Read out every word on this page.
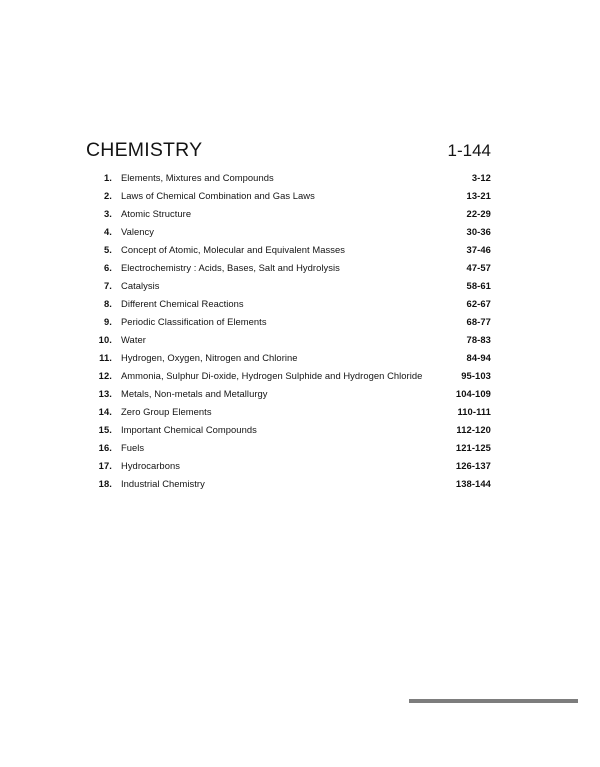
CHEMISTRY	1-144
1. Elements, Mixtures and Compounds	3-12
2. Laws of Chemical Combination and Gas Laws	13-21
3. Atomic Structure	22-29
4. Valency	30-36
5. Concept of Atomic, Molecular and Equivalent Masses	37-46
6. Electrochemistry : Acids, Bases, Salt and Hydrolysis	47-57
7. Catalysis	58-61
8. Different Chemical Reactions	62-67
9. Periodic Classification of Elements	68-77
10. Water	78-83
11. Hydrogen, Oxygen, Nitrogen and Chlorine	84-94
12. Ammonia, Sulphur Di-oxide, Hydrogen Sulphide and Hydrogen Chloride	95-103
13. Metals, Non-metals and Metallurgy	104-109
14. Zero Group Elements	110-111
15. Important Chemical Compounds	112-120
16. Fuels	121-125
17. Hydrocarbons	126-137
18. Industrial Chemistry	138-144
